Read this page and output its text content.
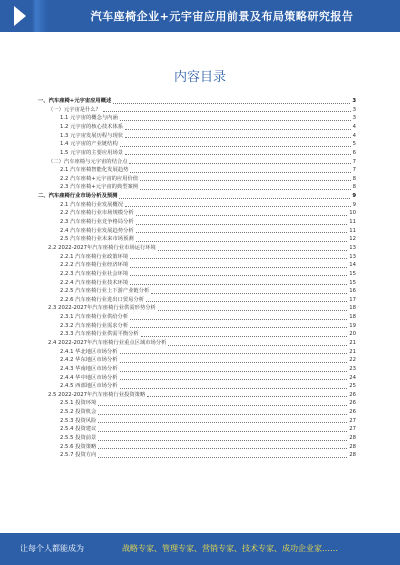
汽车座椅企业+元宇宙应用前景及布局策略研究报告
内容目录
一、汽车座椅+元宇宙应用概述	3
（一）元宇宙是什么？	3
1.1 元宇宙的概念与内涵	3
1.2 元宇宙的核心技术体系	4
1.3 元宇宙发展历程与现状	4
1.4 元宇宙的产业链结构	5
1.5 元宇宙的主要应用场景	6
（二）汽车座椅与元宇宙的结合点	7
2.1 汽车座椅智能化发展趋势	7
2.2 汽车座椅+元宇宙的应用价值	8
2.3 汽车座椅+元宇宙的典型案例	8
二、汽车座椅行业市场分析及预测	9
2.1 汽车座椅行业发展概况	9
2.2 汽车座椅行业市场规模分析	10
2.3 汽车座椅行业竞争格局分析	11
2.4 汽车座椅行业发展趋势分析	11
2.5 汽车座椅行业未来市场预测	12
2.2 2022-2027年汽车座椅行业市场运行环境	13
2.2.1 汽车座椅行业政策环境	13
2.2.2 汽车座椅行业经济环境	14
2.2.3 汽车座椅行业社会环境	15
2.2.4 汽车座椅行业技术环境	15
2.2.5 汽车座椅行业上下游产业链分析	16
2.2.6 汽车座椅行业进出口贸易分析	17
2.3 2022-2027年汽车座椅行业供需形势分析	18
2.3.1 汽车座椅行业供给分析	18
2.3.2 汽车座椅行业需求分析	19
2.3.3 汽车座椅行业供需平衡分析	20
2.4 2022-2027年汽车座椅行业重点区域市场分析	21
2.4.1 华北地区市场分析	21
2.4.2 华东地区市场分析	22
2.4.3 华南地区市场分析	23
2.4.4 华中地区市场分析	24
2.4.5 西部地区市场分析	25
2.5 2022-2027年汽车座椅行业投资策略	26
2.5.1 投资环境	26
2.5.2 投资机会	26
2.5.3 投资风险	27
2.5.4 投资建议	27
2.5.5 投资前景	28
2.5.6 投资策略	28
2.5.7 投资方向	28
让每个人都能成为	战略专家、管理专家、营销专家、技术专家、成功企业家……
